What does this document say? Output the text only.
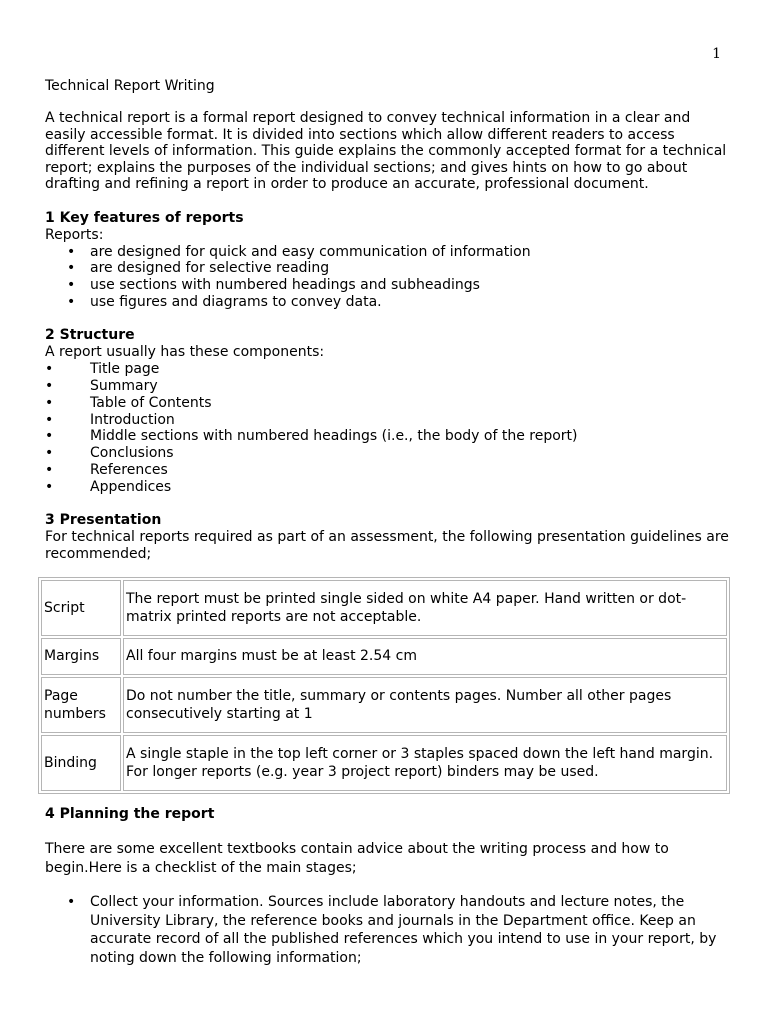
1

Technical Report Writing

A technical report is a formal report designed to convey technical information in a clear and easily accessible format. It is divided into sections which allow different readers to access different levels of information. This guide explains the commonly accepted format for a technical report; explains the purposes of the individual sections; and gives hints on how to go about drafting and refining a report in order to produce an accurate, professional document.

1 Key features of reports

Reports:

• are designed for quick and easy communication of information
• are designed for selective reading
• use sections with numbered headings and subheadings
• use figures and diagrams to convey data.
2 Structure

A report usually has these components:

•	Title page
•	Summary
•	Table of Contents
•	Introduction
•	Middle sections with numbered headings (i.e., the body of the report)
•	Conclusions
•	References
•	Appendices
3 Presentation

For technical reports required as part of an assessment, the following presentation guidelines are recommended;

Script	The report must be printed single sided on white A4 paper. Hand written or dot-matrix printed reports are not acceptable.
Margins	All four margins must be at least 2.54 cm
Page numbers	Do not number the title, summary or contents pages. Number all other pages consecutively starting at 1
Binding	A single staple in the top left corner or 3 staples spaced down the left hand margin. For longer reports (e.g. year 3 project report) binders may be used.
4 Planning the report

There are some excellent textbooks contain advice about the writing process and how to begin.Here is a checklist of the main stages;

• Collect your information. Sources include laboratory handouts and lecture notes, the University Library, the reference books and journals in the Department office. Keep an accurate record of all the published references which you intend to use in your report, by noting down the following information;
